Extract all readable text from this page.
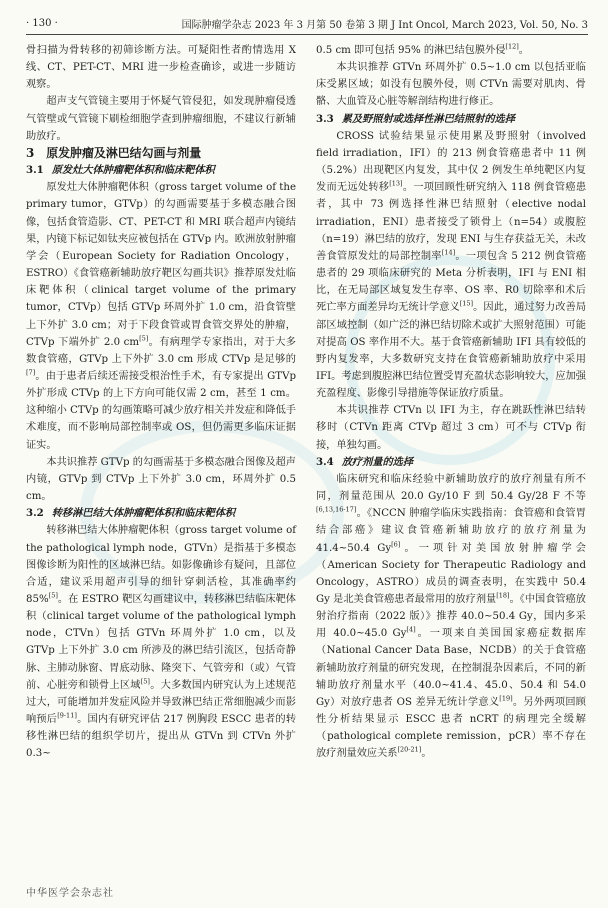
· 130 ·	国际肿瘤学杂志 2023 年 3 月第 50 卷第 3 期 J Int Oncol, March 2023, Vol. 50, No. 3

骨扫描为骨转移的初筛诊断方法。可疑阳性者酌情选用 X 线、CT、PET-CT、MRI 进一步检查确诊，或进一步随访观察。

超声支气管镜主要用于怀疑气管侵犯，如发现肿瘤侵透气管壁或气管镜下刷检细胞学查到肿瘤细胞，不建议行新辅助放疗。

3　原发肿瘤及淋巴结勾画与剂量
3.1 原发灶大体肿瘤靶体积和临床靶体积

原发灶大体肿瘤靶体积（gross target volume of the primary tumor，GTVp）的勾画需要基于多模态融合图像，包括食管造影、CT、PET-CT 和 MRI 联合超声内镜结果，内镜下标记如钛夹应被包括在 GTVp 内。欧洲放射肿瘤学会（European Society for Radiation Oncology，ESTRO）《食管癌新辅助放疗靶区勾画共识》推荐原发灶临床靶体积（clinical target volume of the primary tumor，CTVp）包括 GTVp 环周外扩 1.0 cm，沿食管壁上下外扩 3.0 cm；对于下段食管或胃食管交界处的肿瘤，CTVp 下端外扩 2.0 cm[5]。有病理学专家指出，对于大多数食管癌，GTVp 上下外扩 3.0 cm 形成 CTVp 是足够的[7]。由于患者后续还需接受根治性手术，有专家提出 GTVp 外扩形成 CTVp 的上下方向可能仅需 2 cm，甚至 1 cm。这种缩小 CTVp 的勾画策略可减少放疗相关并发症和降低手术难度，而不影响局部控制率或 OS，但仍需更多临床证据证实。

本共识推荐 GTVp 的勾画需基于多模态融合图像及超声内镜，GTVp 到 CTVp 上下外扩 3.0 cm，环周外扩 0.5 cm。

3.2 转移淋巴结大体肿瘤靶体积和临床靶体积

转移淋巴结大体肿瘤靶体积（gross target volume of the pathological lymph node，GTVn）是指基于多模态图像诊断为阳性的区域淋巴结。如影像确诊有疑问，且部位合适，建议采用超声引导的细针穿刺活检，其准确率约 85%[5]。在 ESTRO 靶区勾画建议中，转移淋巴结临床靶体积（clinical target volume of the pathological lymph node，CTVn）包括 GTVn 环周外扩 1.0 cm，以及 GTVp 上下外扩 3.0 cm 所涉及的淋巴结引流区，包括奇静脉、主肺动脉窗、胃底动脉、隆突下、气管旁和（或）气管前、心脏旁和锁骨上区域[5]。大多数国内研究认为上述规范过大，可能增加并发症风险并导致淋巴结正常细胞减少而影响预后[9-11]。国内有研究评估 217 例胸段 ESCC 患者的转移性淋巴结的组织学切片，提出从 GTVn 到 CTVn 外扩 0.3~

0.5 cm 即可包括 95% 的淋巴结包膜外侵[12]。

本共识推荐 GTVn 环周外扩 0.5~1.0 cm 以包括亚临床受累区域；如没有包膜外侵，则 CTVn 需要对肌肉、骨骼、大血管及心脏等解剖结构进行修正。

3.3 累及野照射或选择性淋巴结照射的选择

CROSS 试验结果显示使用累及野照射（involved field irradiation，IFI）的 213 例食管癌患者中 11 例（5.2%）出现靶区内复发，其中仅 2 例发生单纯靶区内复发而无远处转移[13]。一项回顾性研究纳入 118 例食管癌患者，其中 73 例选择性淋巴结照射（elective nodal irradiation，ENI）患者接受了锁骨上（n=54）或腹腔（n=19）淋巴结的放疗，发现 ENI 与生存获益无关，未改善食管原发灶的局部控制率[14]。一项包含 5 212 例食管癌患者的 29 项临床研究的 Meta 分析表明，IFI 与 ENI 相比，在无局部区域复发生存率、OS 率、R0 切除率和术后死亡率方面差异均无统计学意义[15]。因此，通过努力改善局部区域控制（如广泛的淋巴结切除术或扩大照射范围）可能对提高 OS 率作用不大。基于食管癌新辅助 IFI 具有较低的野内复发率，大多数研究支持在食管癌新辅助放疗中采用 IFI。考虑到腹腔淋巴结位置受胃充盈状态影响较大，应加强充盈程度、影像引导措施等保证放疗质量。

本共识推荐 CTVn 以 IFI 为主，存在跳跃性淋巴结转移时（CTVn 距离 CTVp 超过 3 cm）可不与 CTVp 衔接，单独勾画。

3.4 放疗剂量的选择

临床研究和临床经验中新辅助放疗的放疗剂量有所不同，剂量范围从 20.0 Gy/10 F 到 50.4 Gy/28 F 不等[6,13,16-17]。《NCCN 肿瘤学临床实践指南：食管癌和食管胃结合部癌》建议食管癌新辅助放疗的放疗剂量为 41.4~50.4 Gy[6]。一项针对美国放射肿瘤学会（American Society for Therapeutic Radiology and Oncology，ASTRO）成员的调查表明，在实践中 50.4 Gy 是北美食管癌患者最常用的放疗剂量[18]。《中国食管癌放射治疗指南（2022 版）》推荐 40.0~50.4 Gy，国内多采用 40.0~45.0 Gy[4]。一项来自美国国家癌症数据库（National Cancer Data Base，NCDB）的关于食管癌新辅助放疗剂量的研究发现，在控制混杂因素后，不同的新辅助放疗剂量水平（40.0~41.4、45.0、50.4 和 54.0 Gy）对放疗患者 OS 差异无统计学意义[19]。另外两项回顾性分析结果显示 ESCC 患者 nCRT 的病理完全缓解（pathological complete remission，pCR）率不存在放疗剂量效应关系[20-21]。

中华医学会杂志社
